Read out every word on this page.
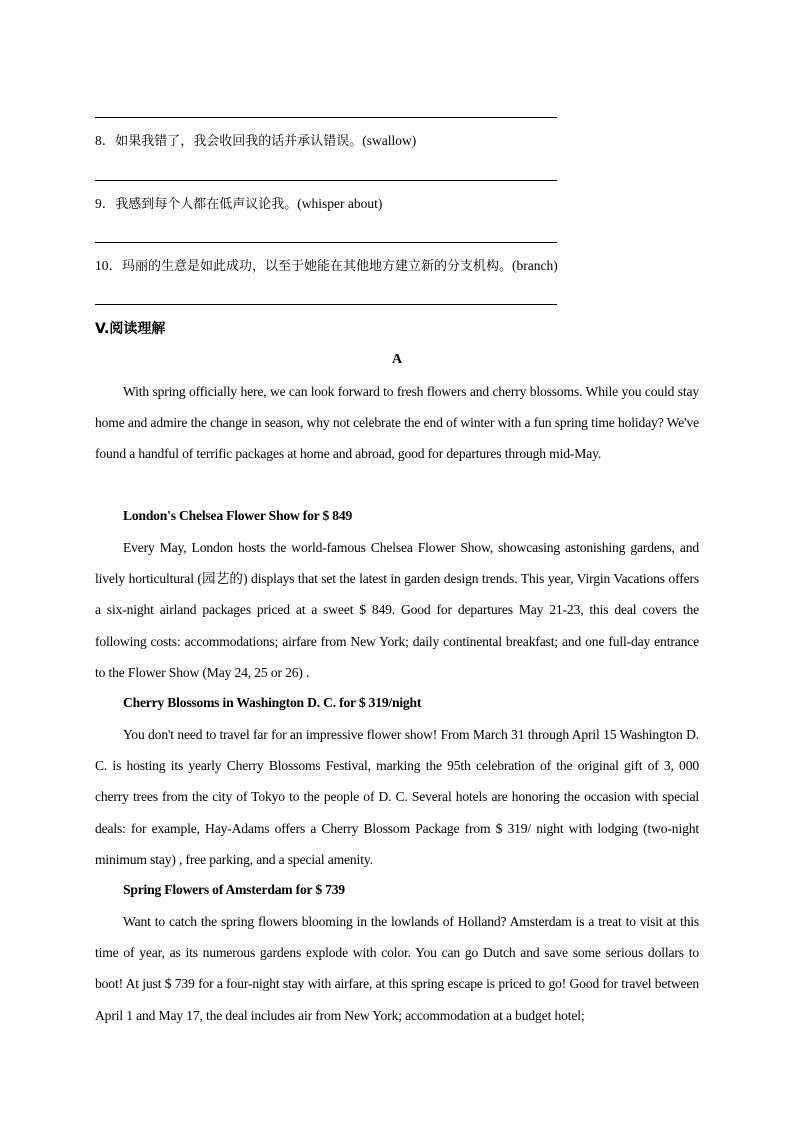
8．如果我错了，我会收回我的话并承认错误。(swallow)
9．我感到每个人都在低声议论我。(whisper about)
10．玛丽的生意是如此成功，以至于她能在其他地方建立新的分支机构。(branch)
V.阅读理解
A

With spring officially here, we can look forward to fresh flowers and cherry blossoms. While you could stay home and admire the change in season, why not celebrate the end of winter with a fun spring time holiday? We've found a handful of terrific packages at home and abroad, good for departures through mid-May.

London's Chelsea Flower Show for $ 849

Every May, London hosts the world-famous Chelsea Flower Show, showcasing astonishing gardens, and lively horticultural (园艺的) displays that set the latest in garden design trends. This year, Virgin Vacations offers a six-night airland packages priced at a sweet $ 849. Good for departures May 21-23, this deal covers the following costs: accommodations; airfare from New York; daily continental breakfast; and one full-day entrance to the Flower Show (May 24, 25 or 26) .

Cherry Blossoms in Washington D. C. for $ 319/night

You don't need to travel far for an impressive flower show! From March 31 through April 15 Washington D. C. is hosting its yearly Cherry Blossoms Festival, marking the 95th celebration of the original gift of 3, 000 cherry trees from the city of Tokyo to the people of D. C. Several hotels are honoring the occasion with special deals: for example, Hay-Adams offers a Cherry Blossom Package from $ 319/ night with lodging (two-night minimum stay) , free parking, and a special amenity.

Spring Flowers of Amsterdam for $ 739

Want to catch the spring flowers blooming in the lowlands of Holland? Amsterdam is a treat to visit at this time of year, as its numerous gardens explode with color. You can go Dutch and save some serious dollars to boot! At just $ 739 for a four-night stay with airfare, at this spring escape is priced to go! Good for travel between April 1 and May 17, the deal includes air from New York; accommodation at a budget hotel;
